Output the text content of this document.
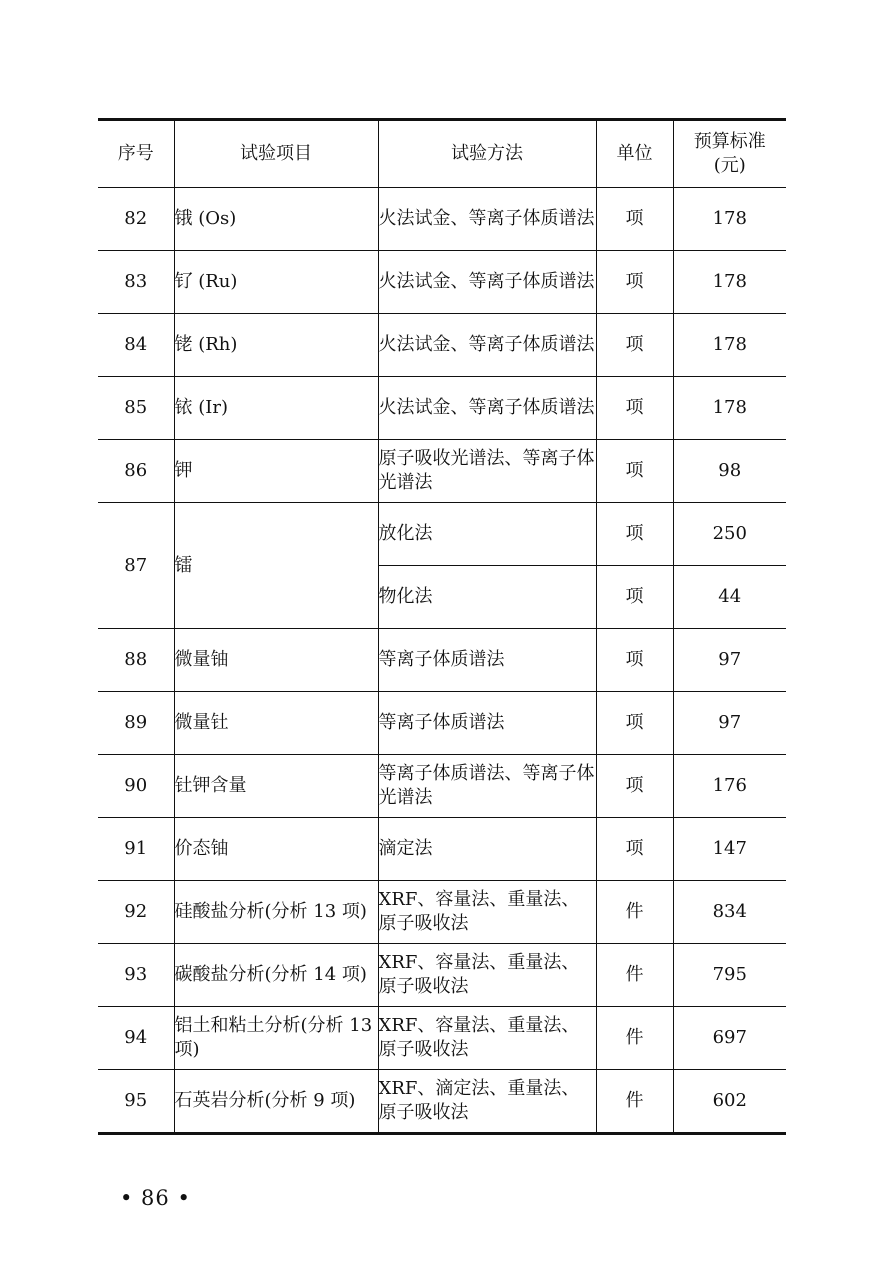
序号	试验项目	试验方法	单位	预算标准
(元)

82	锇 (Os)	火法试金、等离子体质谱法	项	178
83	钌 (Ru)	火法试金、等离子体质谱法	项	178
84	铑 (Rh)	火法试金、等离子体质谱法	项	178
85	铱 (Ir)	火法试金、等离子体质谱法	项	178
86	钾	原子吸收光谱法、等离子体光谱法	项	98
87	镭	放化法	项	250
		物化法	项	44
88	微量铀	等离子体质谱法	项	97
89	微量钍	等离子体质谱法	项	97
90	钍钾含量	等离子体质谱法、等离子体光谱法	项	176
91	价态铀	滴定法	项	147
92	硅酸盐分析(分析 13 项)	XRF、容量法、重量法、原子吸收法	件	834
93	碳酸盐分析(分析 14 项)	XRF、容量法、重量法、原子吸收法	件	795
94	铝土和粘土分析(分析 13 项)	XRF、容量法、重量法、原子吸收法	件	697
95	石英岩分析(分析 9 项)	XRF、滴定法、重量法、原子吸收法	件	602
• 86 •
